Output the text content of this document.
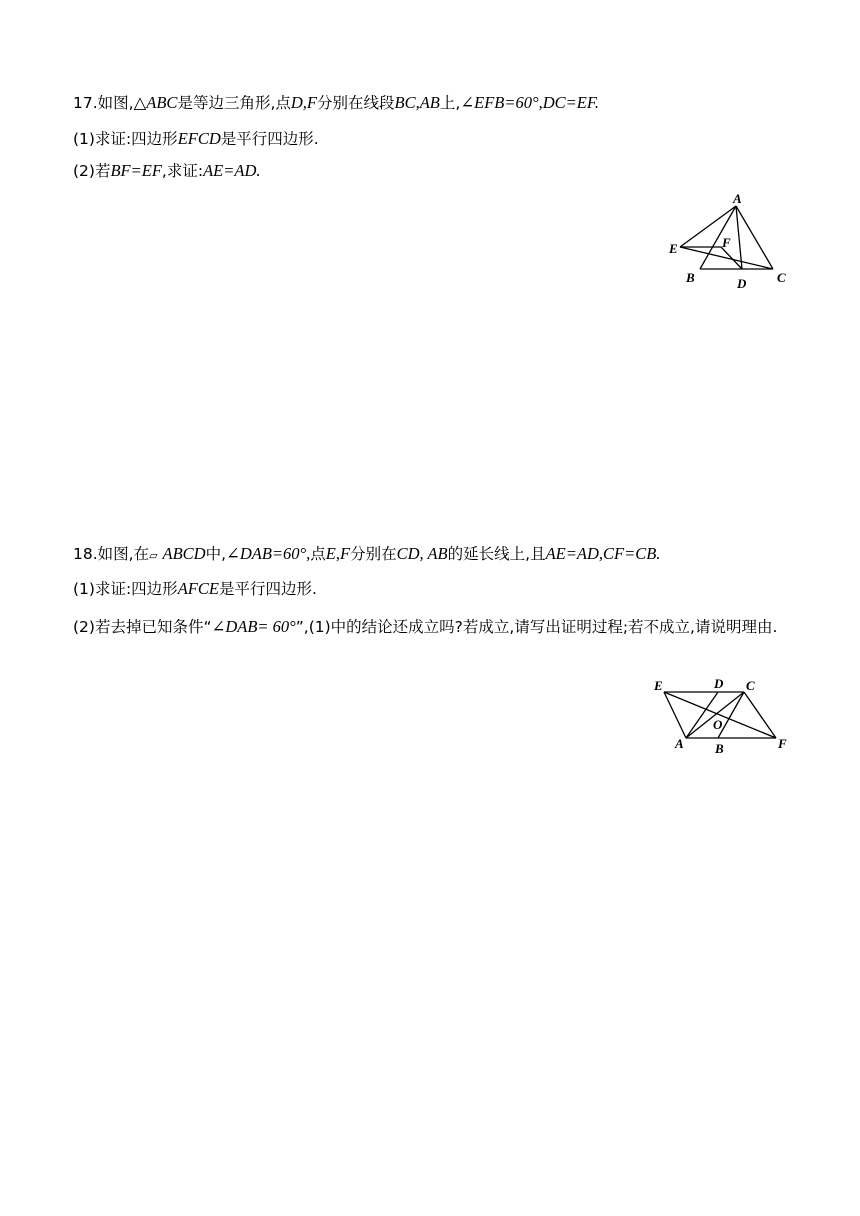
17.如图,△ABC是等边三角形,点D,F分别在线段BC,AB上,∠EFB=60°,DC=EF.
(1)求证:四边形EFCD是平行四边形.
(2)若BF=EF,求证:AE=AD.
A
E	F
B	D C
18.如图,在▱ ABCD中,∠DAB=60°,点E,F分别在CD, AB的延长线上,且AE=AD,CF=CB.
(1)求证:四边形AFCE是平行四边形.
(2)若去掉已知条件“∠DAB= 60°”,(1)中的结论还成立吗?若成立,请写出证明过程;若不成立,请说明理由.
E	D C
O
A B	F
